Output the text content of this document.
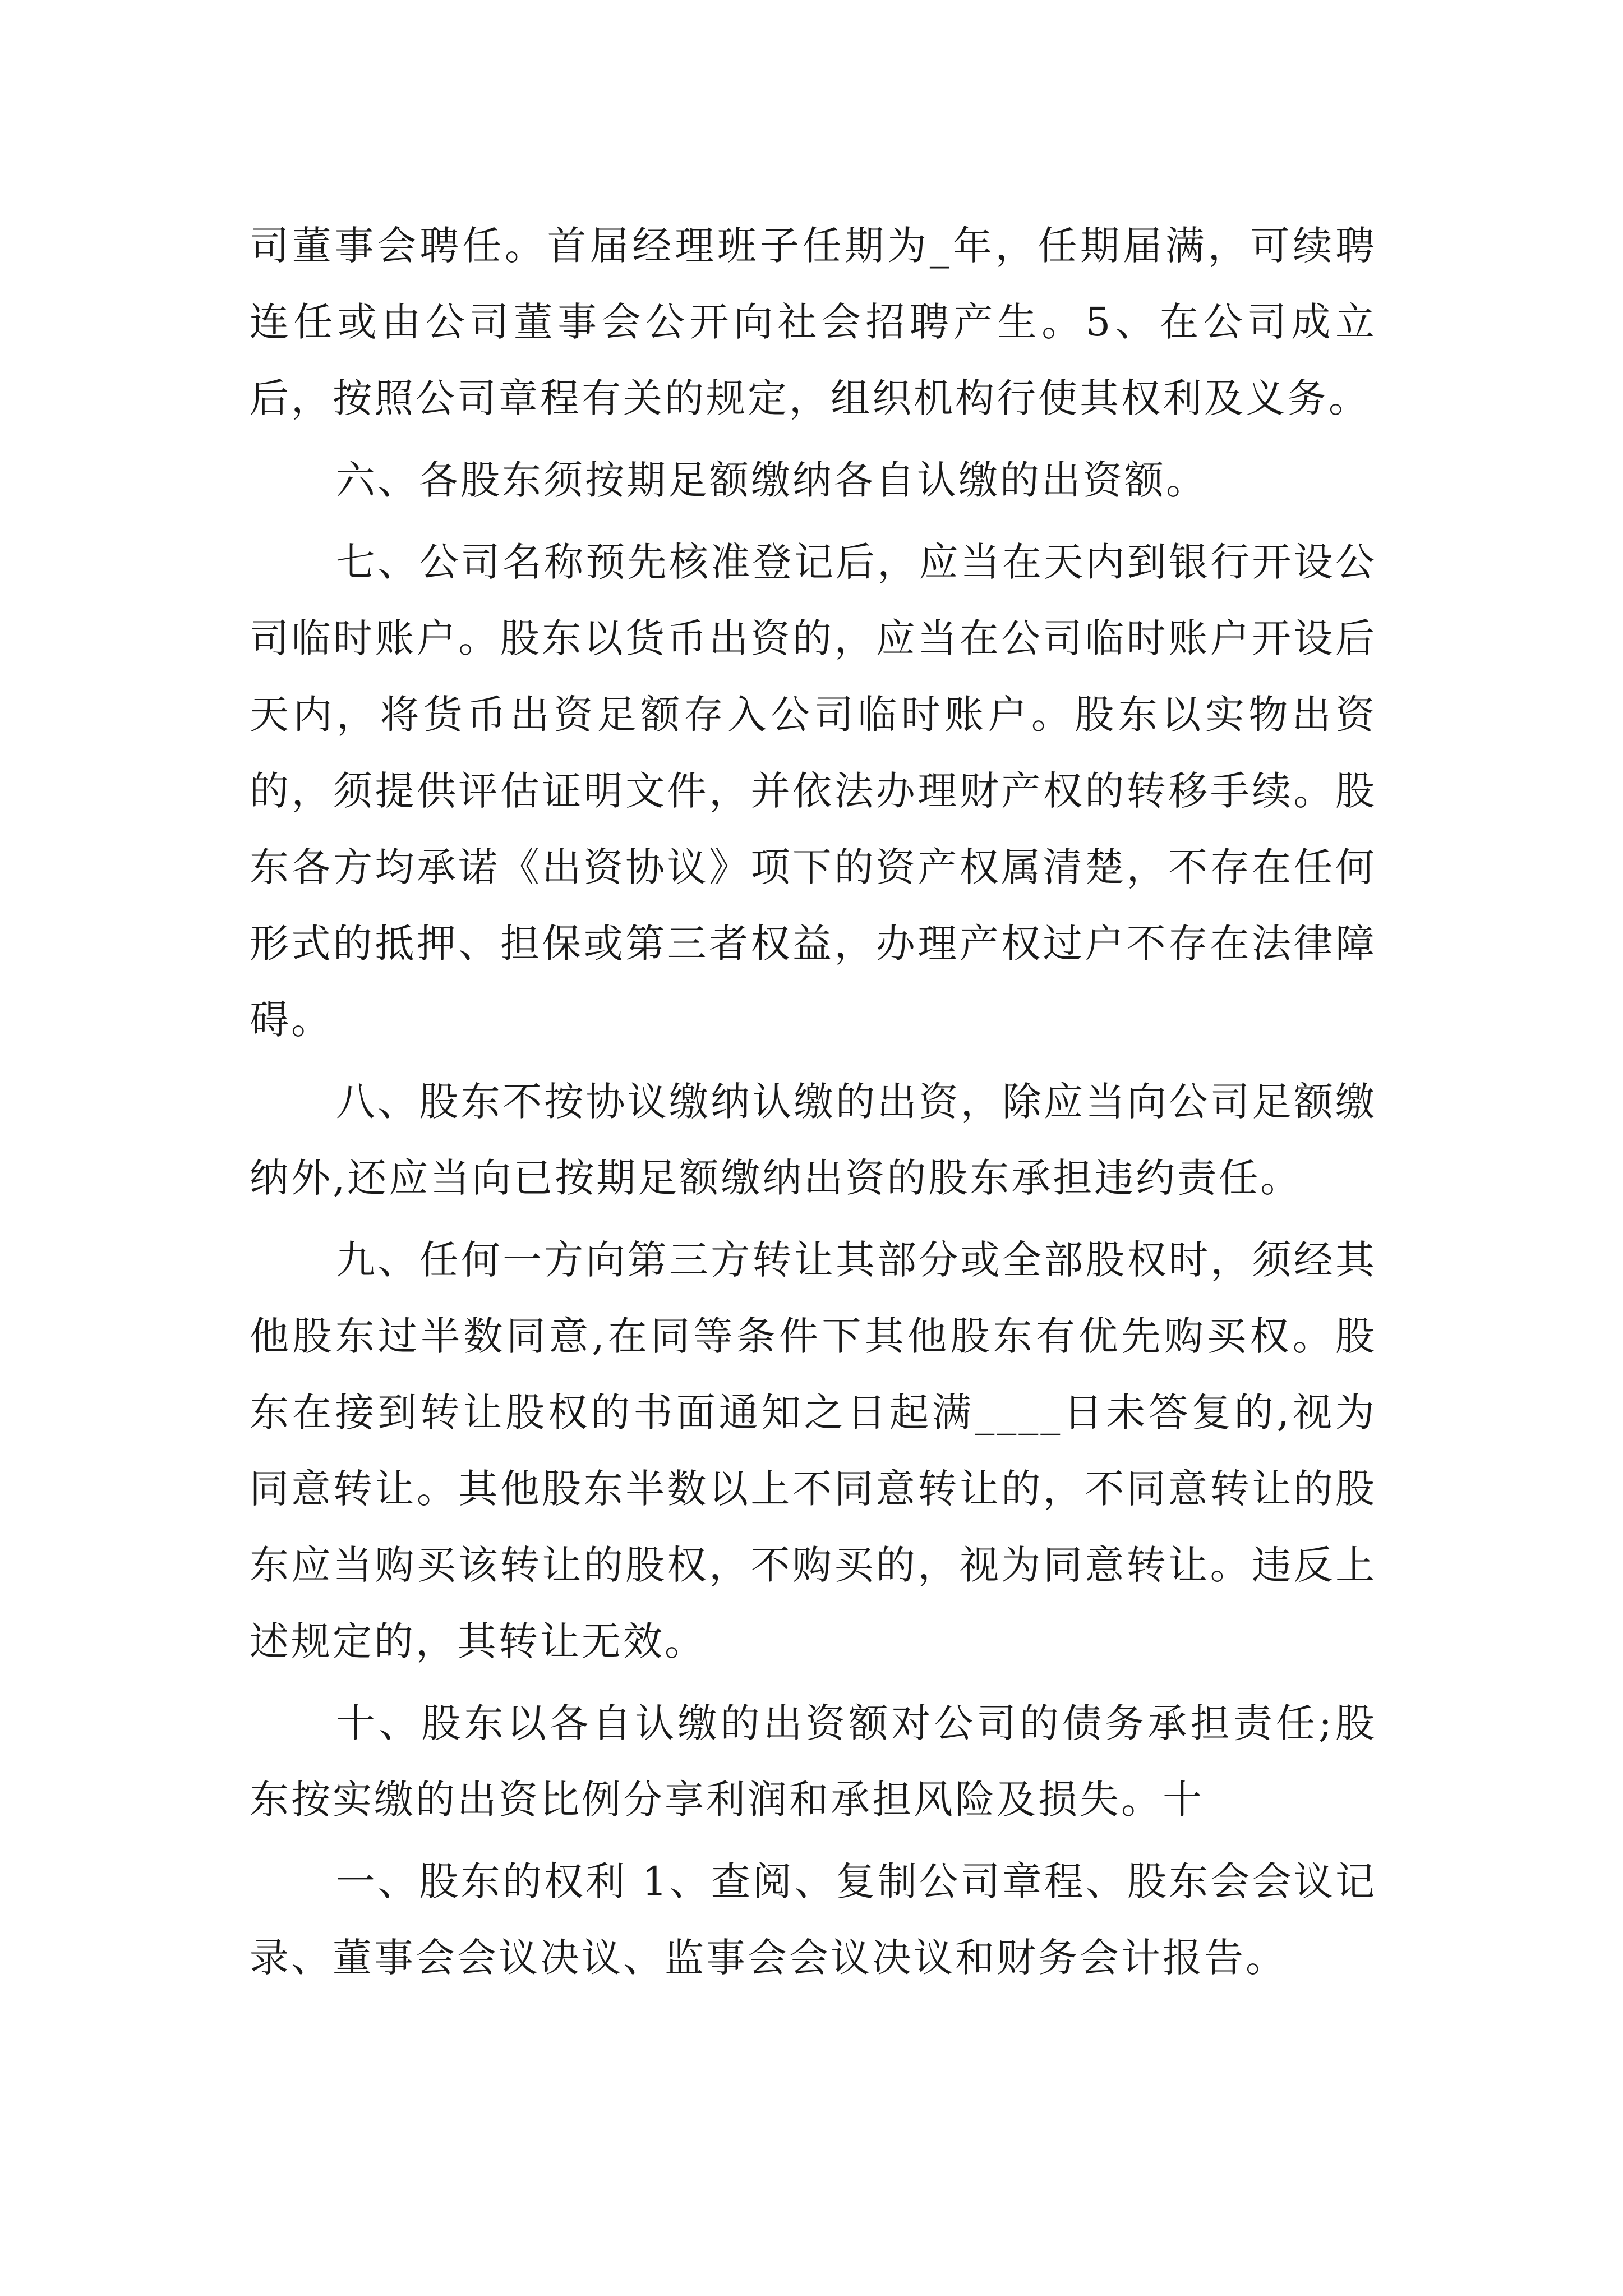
司董事会聘任。首届经理班子任期为_年，任期届满，可续聘连任或由公司董事会公开向社会招聘产生。5、在公司成立后，按照公司章程有关的规定，组织机构行使其权利及义务。

六、各股东须按期足额缴纳各自认缴的出资额。

七、公司名称预先核准登记后，应当在天内到银行开设公司临时账户。股东以货币出资的，应当在公司临时账户开设后天内，将货币出资足额存入公司临时账户。股东以实物出资的，须提供评估证明文件，并依法办理财产权的转移手续。股东各方均承诺《出资协议》项下的资产权属清楚，不存在任何形式的抵押、担保或第三者权益，办理产权过户不存在法律障碍。

八、股东不按协议缴纳认缴的出资，除应当向公司足额缴纳外,还应当向已按期足额缴纳出资的股东承担违约责任。

九、任何一方向第三方转让其部分或全部股权时，须经其他股东过半数同意,在同等条件下其他股东有优先购买权。股东在接到转让股权的书面通知之日起满____日未答复的,视为同意转让。其他股东半数以上不同意转让的，不同意转让的股东应当购买该转让的股权，不购买的，视为同意转让。违反上述规定的，其转让无效。

十、股东以各自认缴的出资额对公司的债务承担责任;股东按实缴的出资比例分享利润和承担风险及损失。十

一、股东的权利 1、查阅、复制公司章程、股东会会议记录、董事会会议决议、监事会会议决议和财务会计报告。
